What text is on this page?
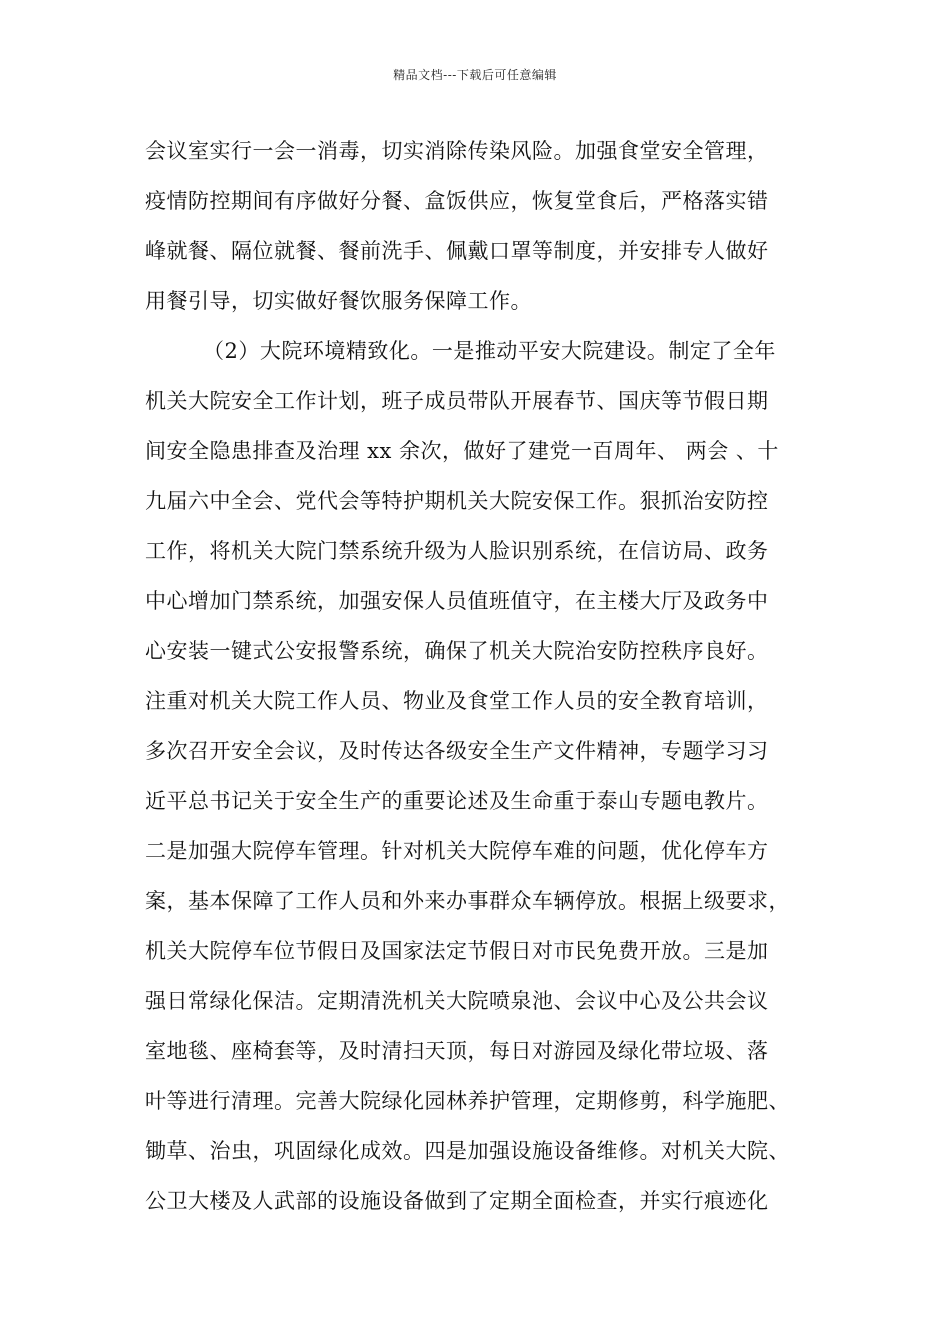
精品文档---下载后可任意编辑
会议室实行一会一消毒，切实消除传染风险。加强食堂安全管理，
疫情防控期间有序做好分餐、盒饭供应，恢复堂食后，严格落实错
峰就餐、隔位就餐、餐前洗手、佩戴口罩等制度，并安排专人做好
用餐引导，切实做好餐饮服务保障工作。
（2）大院环境精致化。一是推动平安大院建设。制定了全年
机关大院安全工作计划，班子成员带队开展春节、国庆等节假日期
间安全隐患排查及治理 xx 余次，做好了建党一百周年、 两会 、十
九届六中全会、党代会等特护期机关大院安保工作。狠抓治安防控
工作，将机关大院门禁系统升级为人脸识别系统，在信访局、政务
中心增加门禁系统，加强安保人员值班值守，在主楼大厅及政务中
心安装一键式公安报警系统，确保了机关大院治安防控秩序良好。
注重对机关大院工作人员、物业及食堂工作人员的安全教育培训，
多次召开安全会议，及时传达各级安全生产文件精神，专题学习习
近平总书记关于安全生产的重要论述及生命重于泰山专题电教片。
二是加强大院停车管理。针对机关大院停车难的问题，优化停车方
案，基本保障了工作人员和外来办事群众车辆停放。根据上级要求，
机关大院停车位节假日及国家法定节假日对市民免费开放。三是加
强日常绿化保洁。定期清洗机关大院喷泉池、会议中心及公共会议
室地毯、座椅套等，及时清扫天顶，每日对游园及绿化带垃圾、落
叶等进行清理。完善大院绿化园林养护管理，定期修剪，科学施肥、
锄草、治虫，巩固绿化成效。四是加强设施设备维修。对机关大院、
公卫大楼及人武部的设施设备做到了定期全面检查，并实行痕迹化
